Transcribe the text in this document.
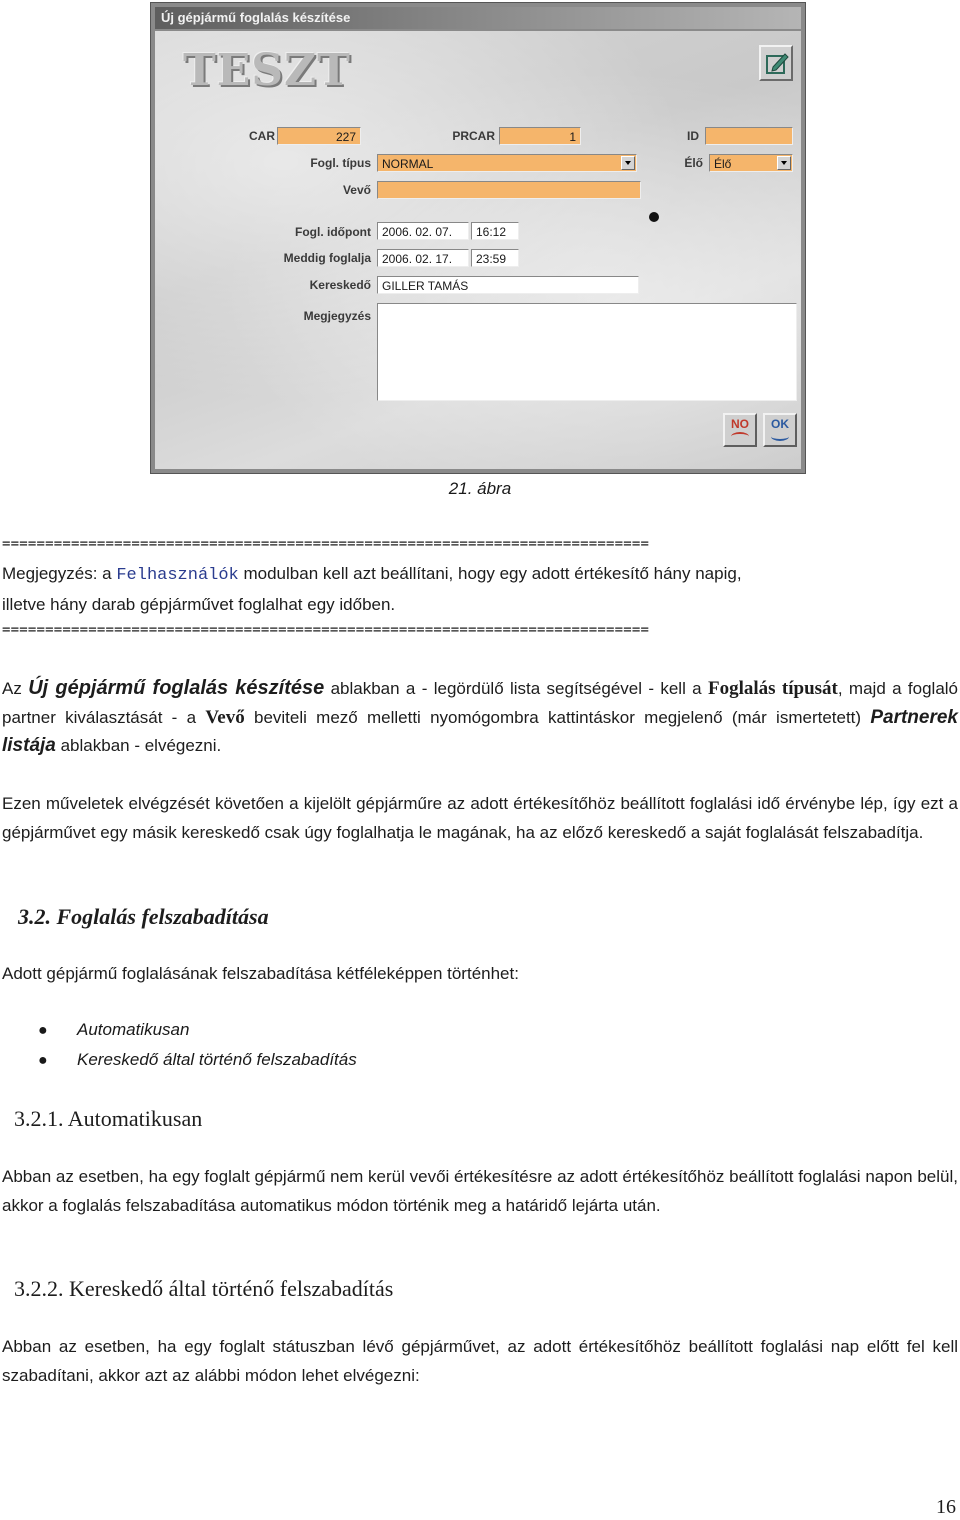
Új gépjármű foglalás készítése
TESZT
CAR	227	PRCAR	1	ID
Fogl. típus NORMAL	Élő Élő
Vevő
Fogl. időpont 2006. 02. 07.	16:12
Meddig foglalja 2006. 02. 17.	23:59
Kereskedő GILLER TAMÁS
Megjegyzés
NO	OK
21. ábra
===========================================================================
Megjegyzés: a Felhasználók modulban kell azt beállítani, hogy egy adott értékesítő hány napig,
illetve hány darab gépjárművet foglalhat egy időben.
===========================================================================
Az Új gépjármű foglalás készítése ablakban a - legördülő lista segítségével - kell a Foglalás típusát, majd a foglaló partner kiválasztását - a Vevő beviteli mező melletti nyomógombra kattintáskor megjelenő (már ismertetett) Partnerek listája ablakban - elvégezni.
Ezen műveletek elvégzését követően a kijelölt gépjárműre az adott értékesítőhöz beállított foglalási idő érvénybe lép, így ezt a gépjárművet egy másik kereskedő csak úgy foglalhatja le magának, ha az előző kereskedő a saját foglalását felszabadítja.
3.2. Foglalás felszabadítása
Adott gépjármű foglalásának felszabadítása kétféleképpen történhet:
● Automatikusan
● Kereskedő által történő felszabadítás
3.2.1. Automatikusan
Abban az esetben, ha egy foglalt gépjármű nem kerül vevői értékesítésre az adott értékesítőhöz beállított foglalási napon belül, akkor a foglalás felszabadítása automatikus módon történik meg a határidő lejárta után.
3.2.2. Kereskedő által történő felszabadítás
Abban az esetben, ha egy foglalt státuszban lévő gépjárművet, az adott értékesítőhöz beállított foglalási nap előtt fel kell szabadítani, akkor azt az alábbi módon lehet elvégezni:
16
